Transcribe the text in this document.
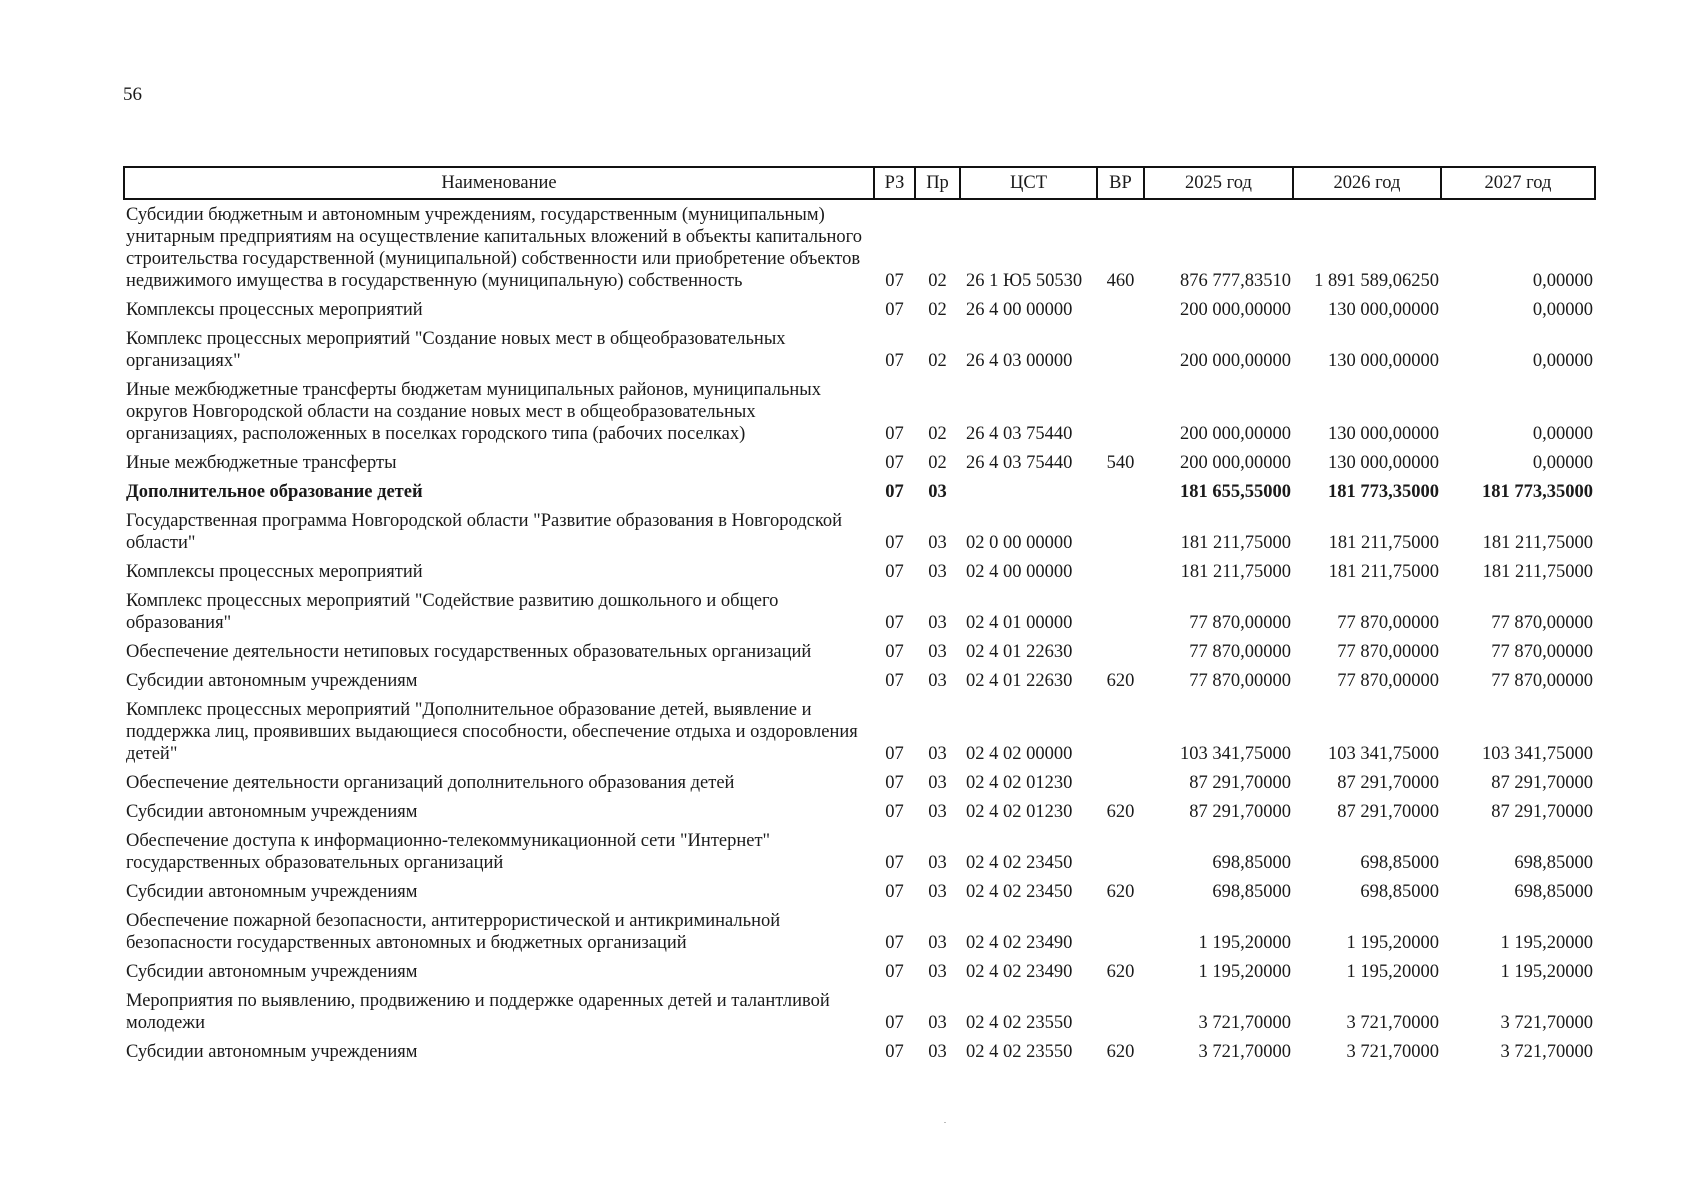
56
Наименование	РЗ	Пр	ЦСТ	ВР	2025 год	2026 год	2027 год
Субсидии бюджетным и автономным учреждениям, государственным (муниципальным) унитарным предприятиям на осуществление капитальных вложений в объекты капитального строительства государственной (муниципальной) собственности или приобретение объектов недвижимого имущества в государственную (муниципальную) собственность	07	02	26 1 Ю5 50530	460	876 777,83510	1 891 589,06250	0,00000
Комплексы процессных мероприятий	07	02	26 4 00 00000		200 000,00000	130 000,00000	0,00000
Комплекс процессных мероприятий "Создание новых мест в общеобразовательных организациях"	07	02	26 4 03 00000		200 000,00000	130 000,00000	0,00000
Иные межбюджетные трансферты бюджетам муниципальных районов, муниципальных округов Новгородской области на создание новых мест в общеобразовательных организациях, расположенных в поселках городского типа (рабочих поселках)	07	02	26 4 03 75440		200 000,00000	130 000,00000	0,00000
Иные межбюджетные трансферты	07	02	26 4 03 75440	540	200 000,00000	130 000,00000	0,00000
Дополнительное образование детей	07	03			181 655,55000	181 773,35000	181 773,35000
Государственная программа Новгородской области "Развитие образования в Новгородской области"	07	03	02 0 00 00000		181 211,75000	181 211,75000	181 211,75000
Комплексы процессных мероприятий	07	03	02 4 00 00000		181 211,75000	181 211,75000	181 211,75000
Комплекс процессных мероприятий "Содействие развитию дошкольного и общего образования"	07	03	02 4 01 00000		77 870,00000	77 870,00000	77 870,00000
Обеспечение деятельности нетиповых государственных образовательных организаций	07	03	02 4 01 22630		77 870,00000	77 870,00000	77 870,00000
Субсидии автономным учреждениям	07	03	02 4 01 22630	620	77 870,00000	77 870,00000	77 870,00000
Комплекс процессных мероприятий "Дополнительное образование детей, выявление и поддержка лиц, проявивших выдающиеся способности, обеспечение отдыха и оздоровления детей"	07	03	02 4 02 00000		103 341,75000	103 341,75000	103 341,75000
Обеспечение деятельности организаций дополнительного образования детей	07	03	02 4 02 01230		87 291,70000	87 291,70000	87 291,70000
Субсидии автономным учреждениям	07	03	02 4 02 01230	620	87 291,70000	87 291,70000	87 291,70000
Обеспечение доступа к информационно-телекоммуникационной сети "Интернет" государственных образовательных организаций	07	03	02 4 02 23450		698,85000	698,85000	698,85000
Субсидии автономным учреждениям	07	03	02 4 02 23450	620	698,85000	698,85000	698,85000
Обеспечение пожарной безопасности, антитеррористической и антикриминальной безопасности государственных автономных и бюджетных организаций	07	03	02 4 02 23490		1 195,20000	1 195,20000	1 195,20000
Субсидии автономным учреждениям	07	03	02 4 02 23490	620	1 195,20000	1 195,20000	1 195,20000
Мероприятия по выявлению, продвижению и поддержке одаренных детей и талантливой молодежи	07	03	02 4 02 23550		3 721,70000	3 721,70000	3 721,70000
Субсидии автономным учреждениям	07	03	02 4 02 23550	620	3 721,70000	3 721,70000	3 721,70000
